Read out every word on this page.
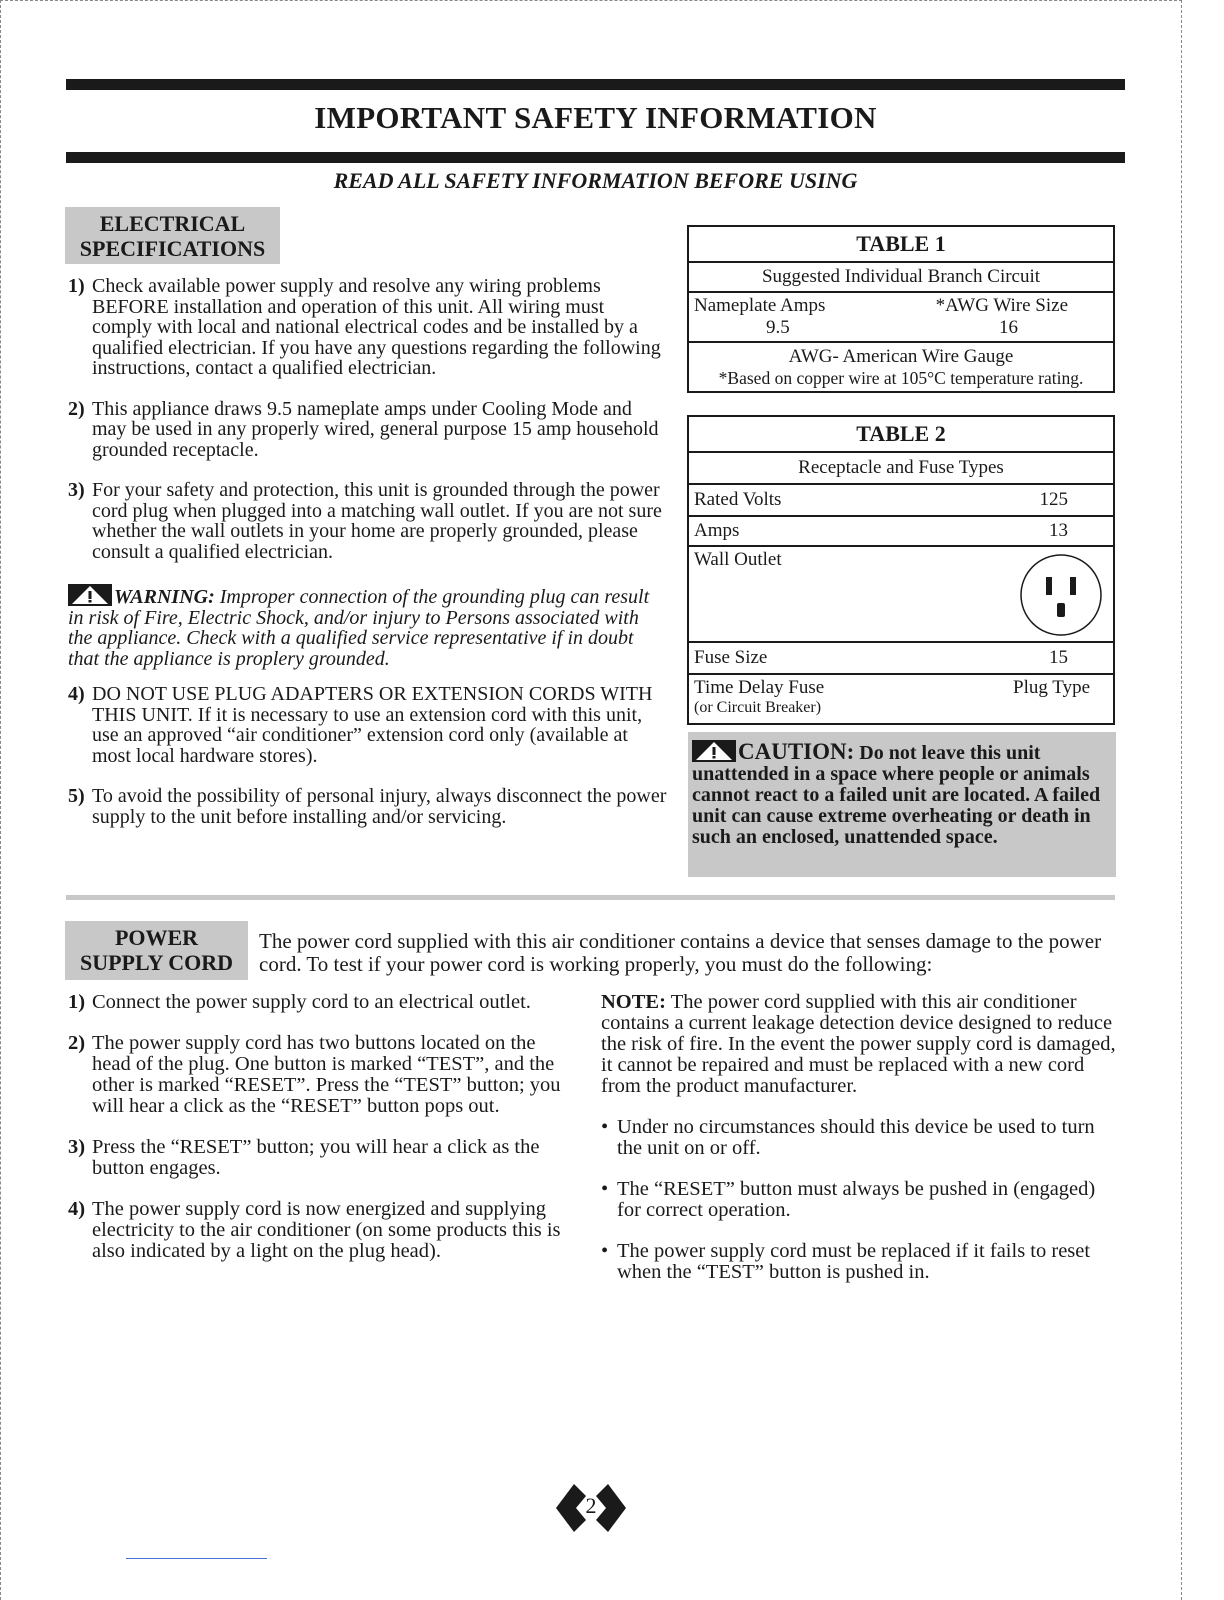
IMPORTANT SAFETY INFORMATION
READ ALL SAFETY INFORMATION BEFORE USING
ELECTRICAL
SPECIFICATIONS
1) Check available power supply and resolve any wiring problems BEFORE installation and operation of this unit. All wiring must comply with local and national electrical codes and be installed by a qualified electrician. If you have any questions regarding the following instructions, contact a qualified electrician.
2) This appliance draws 9.5 nameplate amps under Cooling Mode and may be used in any properly wired, general purpose 15 amp household grounded receptacle.
3) For your safety and protection, this unit is grounded through the power cord plug when plugged into a matching wall outlet. If you are not sure whether the wall outlets in your home are properly grounded, please consult a qualified electrician.
WARNING: Improper connection of the grounding plug can result in risk of Fire, Electric Shock, and/or injury to Persons associated with the appliance. Check with a qualified service representative if in doubt that the appliance is proplery grounded.
4) DO NOT USE PLUG ADAPTERS OR EXTENSION CORDS WITH THIS UNIT. If it is necessary to use an extension cord with this unit, use an approved “air conditioner” extension cord only (available at most local hardware stores).
5) To avoid the possibility of personal injury, always disconnect the power supply to the unit before installing and/or servicing.
TABLE 1
Suggested Individual Branch Circuit

Nameplate Amps	*AWG Wire Size
9.5	16

AWG- American Wire Gauge
*Based on copper wire at 105°C temperature rating.
TABLE 2
Receptacle and Fuse Types

Rated Volts	125

Amps	13

Wall Outlet

Fuse Size	15

Time Delay Fuse	Plug Type
(or Circuit Breaker)
CAUTION: Do not leave this unit unattended in a space where people or animals cannot react to a failed unit are located. A failed unit can cause extreme overheating or death in such an enclosed, unattended space.
POWER
SUPPLY CORD
The power cord supplied with this air conditioner contains a device that senses damage to the power cord. To test if your power cord is working properly, you must do the following:
1) Connect the power supply cord to an electrical outlet.
2) The power supply cord has two buttons located on the head of the plug. One button is marked “TEST”, and the other is marked “RESET”. Press the “TEST” button; you will hear a click as the “RESET” button pops out.
3) Press the “RESET” button; you will hear a click as the button engages.
4) The power supply cord is now energized and supplying electricity to the air conditioner (on some products this is also indicated by a light on the plug head).
NOTE: The power cord supplied with this air conditioner contains a current leakage detection device designed to reduce the risk of fire. In the event the power supply cord is damaged, it cannot be repaired and must be replaced with a new cord from the product manufacturer.
• Under no circumstances should this device be used to turn the unit on or off.
• The “RESET” button must always be pushed in (engaged) for correct operation.
• The power supply cord must be replaced if it fails to reset when the “TEST” button is pushed in.
2
